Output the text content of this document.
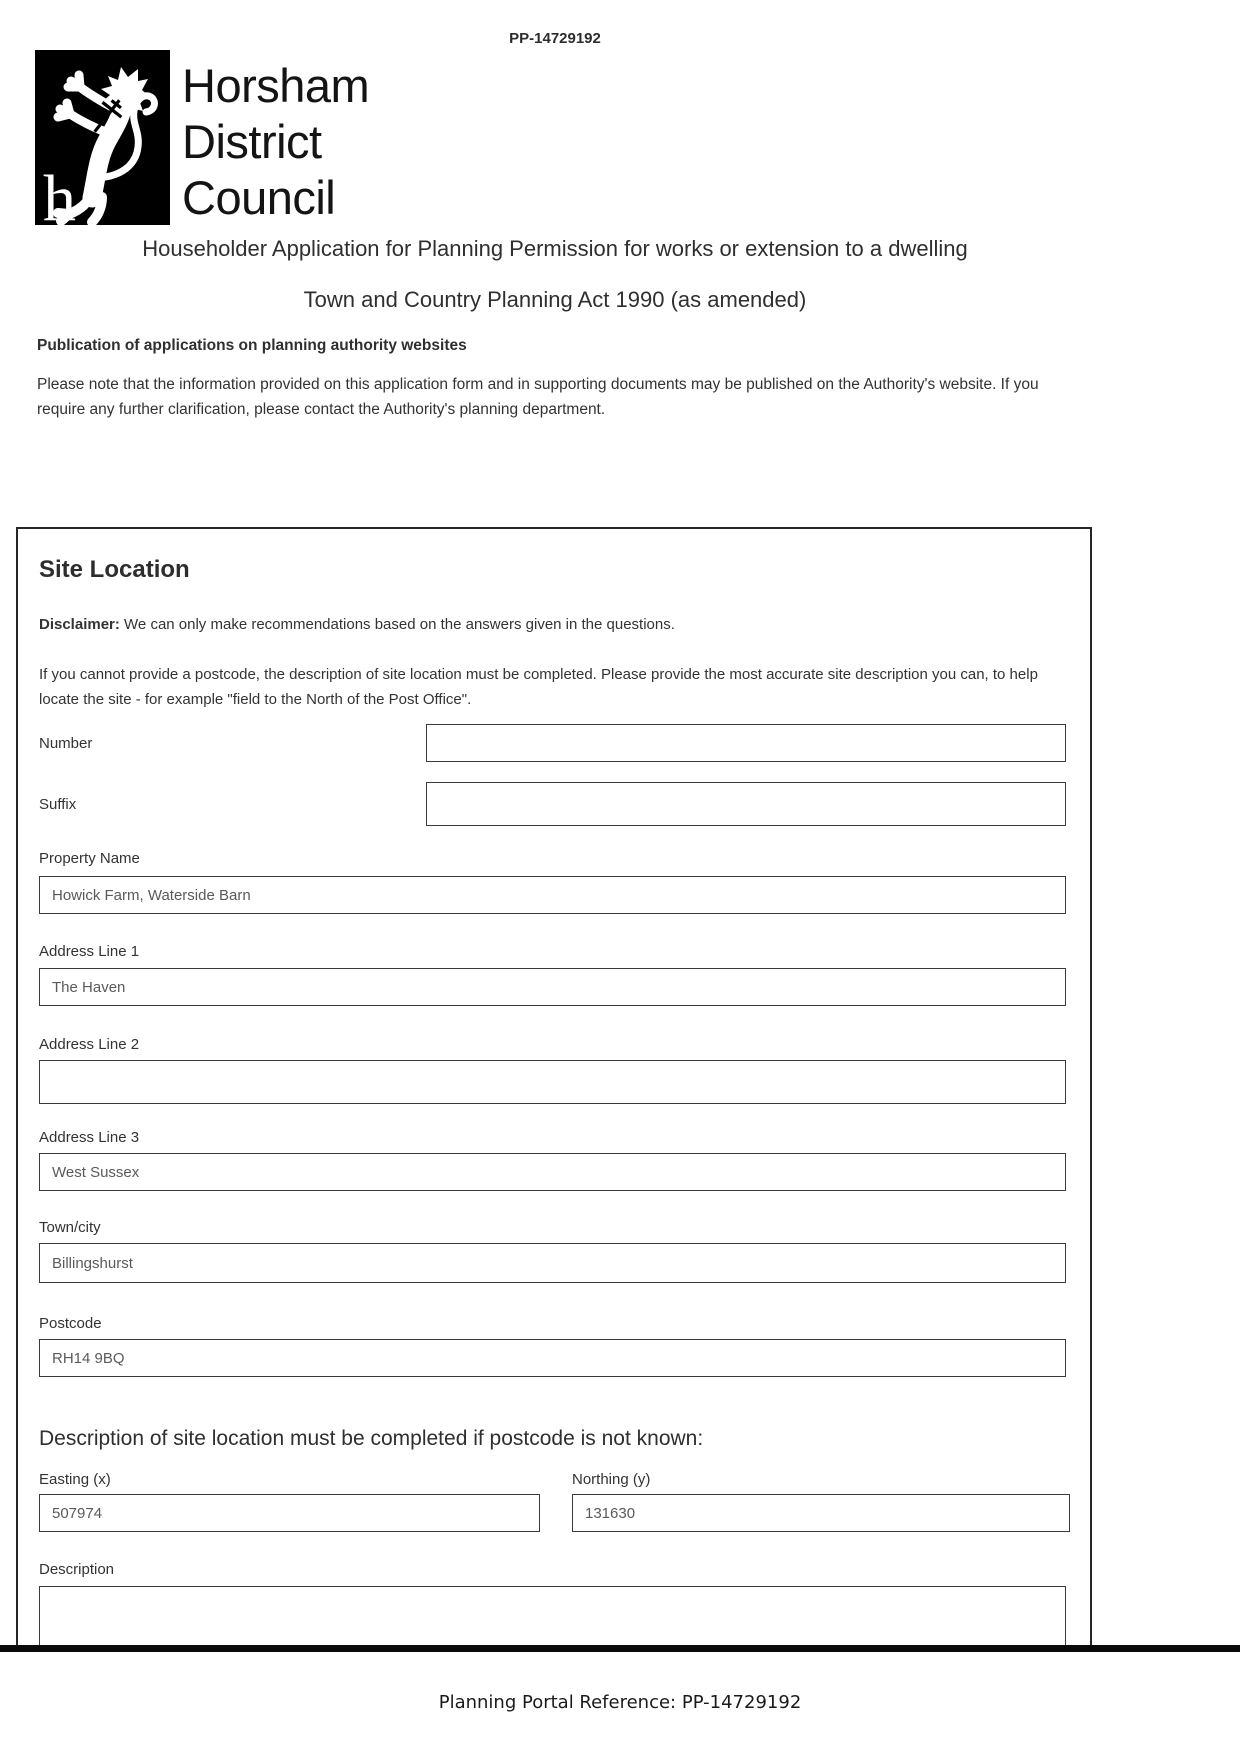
PP-14729192
h
Horsham
District
Council
Householder Application for Planning Permission for works or extension to a dwelling
Town and Country Planning Act 1990 (as amended)
Publication of applications on planning authority websites
Please note that the information provided on this application form and in supporting documents may be published on the Authority's website. If you require any further clarification, please contact the Authority's planning department.
Site Location

Disclaimer: We can only make recommendations based on the answers given in the questions.

If you cannot provide a postcode, the description of site location must be completed. Please provide the most accurate site description you can, to help locate the site - for example "field to the North of the Post Office".

Number
Suffix
Property Name
Howick Farm, Waterside Barn
Address Line 1
The Haven
Address Line 2
Address Line 3
West Sussex
Town/city
Billingshurst
Postcode
RH14 9BQ
Description of site location must be completed if postcode is not known:
Easting (x)
507974	Northing (y)
131630
Description
Planning Portal Reference: PP-14729192
